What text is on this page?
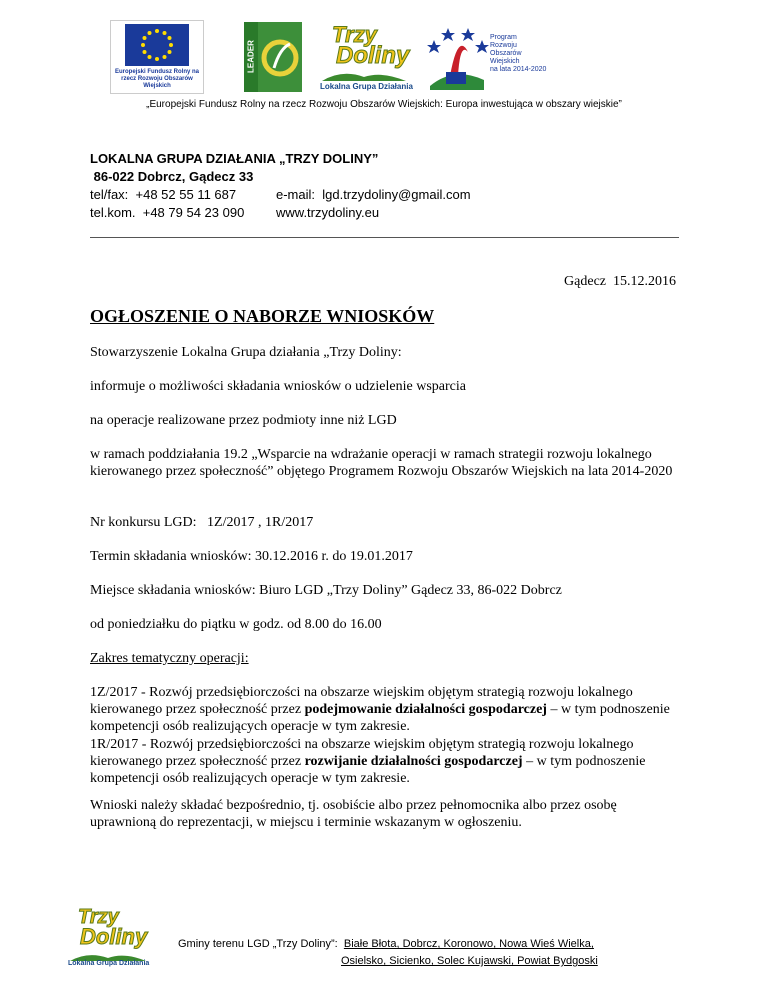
Europejski Fundusz Rolny na rzecz Rozwoju Obszarów Wiejskich
LEADER
Trzy
Doliny
Lokalna Grupa Działania
Program
Rozwoju
Obszarów
Wiejskich
na lata 2014-2020
„Europejski Fundusz Rolny na rzecz Rozwoju Obszarów Wiejskich: Europa inwestująca w obszary wiejskie”
LOKALNA GRUPA DZIAŁANIA „TRZY DOLINY”
86-022 Dobrcz, Gądecz 33
tel/fax:  +48 52 55 11 687
tel.kom.  +48 79 54 23 090
e-mail:  lgd.trzydoliny@gmail.com
www.trzydoliny.eu
Gądecz  15.12.2016
OGŁOSZENIE O NABORZE WNIOSKÓW
Stowarzyszenie Lokalna Grupa działania „Trzy Doliny:
informuje o możliwości składania wniosków o udzielenie wsparcia
na operacje realizowane przez podmioty inne niż LGD
w ramach poddziałania 19.2 „Wsparcie na wdrażanie operacji w ramach strategii rozwoju lokalnego kierowanego przez społeczność” objętego Programem Rozwoju Obszarów Wiejskich na lata 2014-2020
Nr konkursu LGD:   1Z/2017 , 1R/2017
Termin składania wniosków: 30.12.2016 r. do 19.01.2017
Miejsce składania wniosków: Biuro LGD „Trzy Doliny” Gądecz 33, 86-022 Dobrcz
od poniedziałku do piątku w godz. od 8.00 do 16.00
Zakres tematyczny operacji:
1Z/2017 - Rozwój przedsiębiorczości na obszarze wiejskim objętym strategią rozwoju lokalnego kierowanego przez społeczność przez podejmowanie działalności gospodarczej – w tym podnoszenie kompetencji osób realizujących operacje w tym zakresie.
1R/2017 - Rozwój przedsiębiorczości na obszarze wiejskim objętym strategią rozwoju lokalnego kierowanego przez społeczność przez rozwijanie działalności gospodarczej – w tym podnoszenie kompetencji osób realizujących operacje w tym zakresie.
Wnioski należy składać bezpośrednio, tj. osobiście albo przez pełnomocnika albo przez osobę uprawnioną do reprezentacji, w miejscu i terminie wskazanym w ogłoszeniu.
Trzy
Doliny
Lokalna Grupa Działania
Gminy terenu LGD „Trzy Doliny”: Białe Błota, Dobrcz, Koronowo, Nowa Wieś Wielka,
Osielsko, Sicienko, Solec Kujawski, Powiat Bydgoski
